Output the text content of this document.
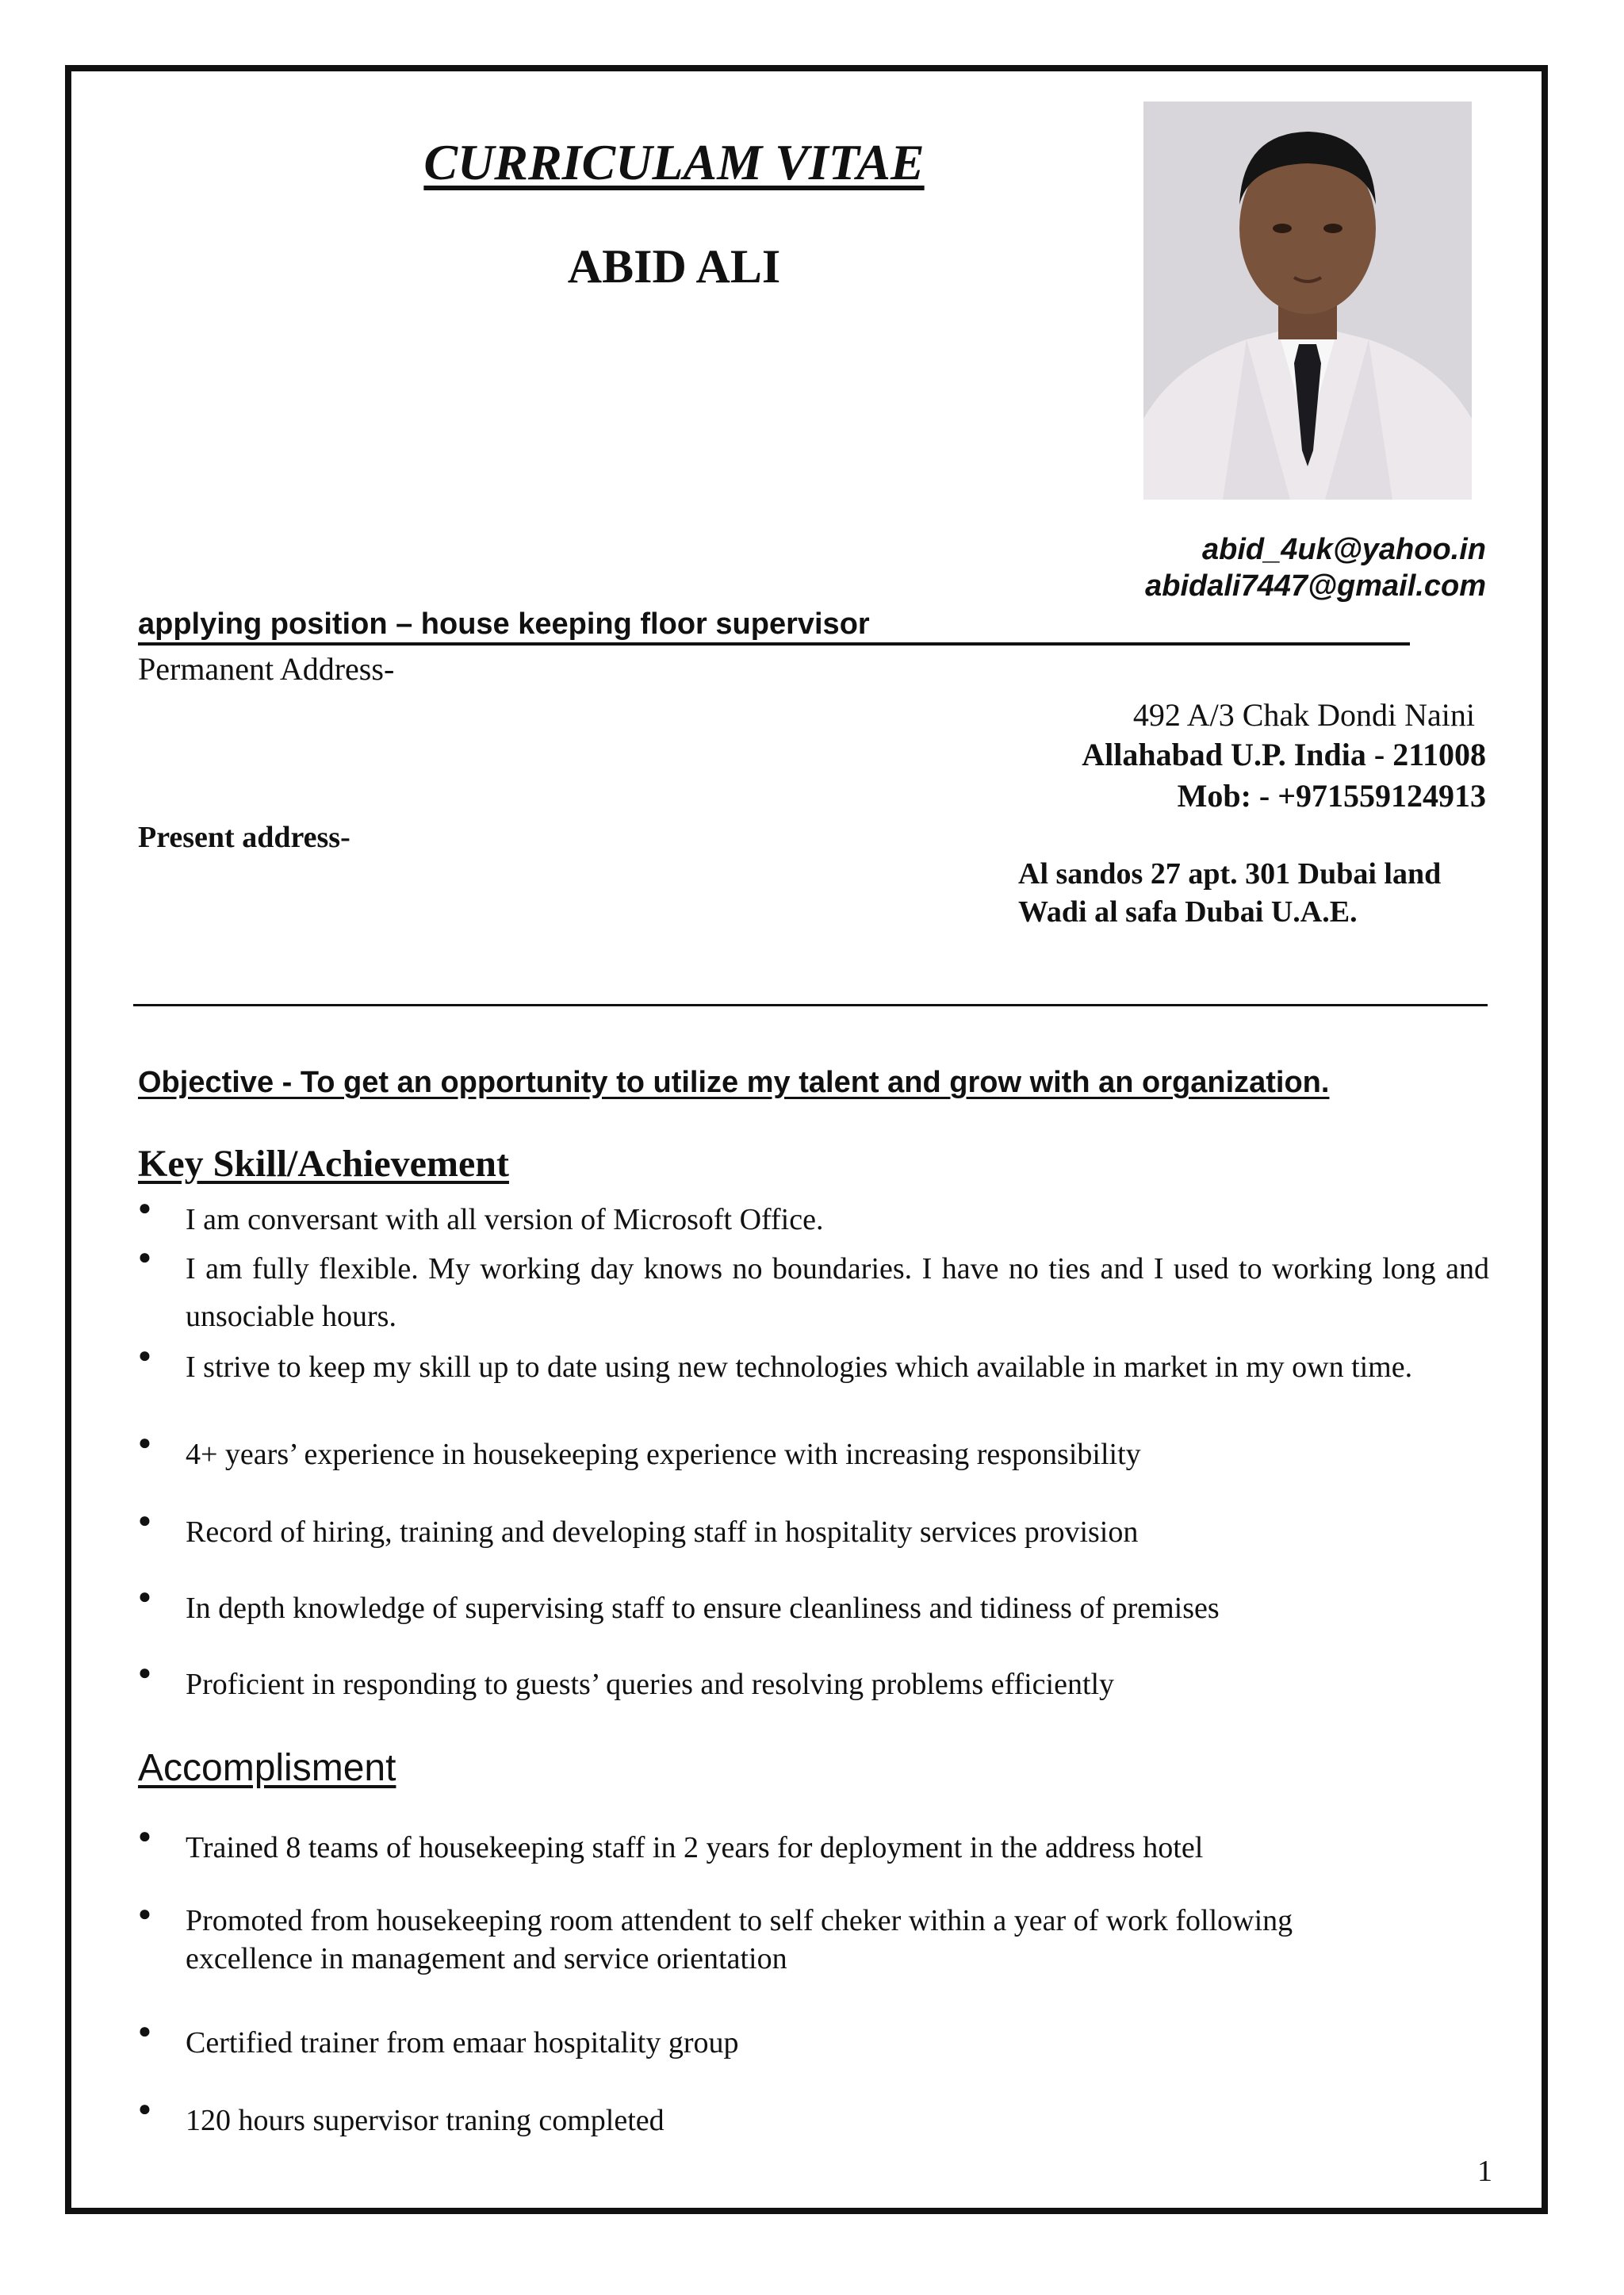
CURRICULAM VITAE
ABID ALI
abid_4uk@yahoo.in
abidali7447@gmail.com
applying position – house keeping floor supervisor
Permanent Address-
492 A/3 Chak Dondi Naini
Allahabad U.P. India - 211008
Mob: - +971559124913
Present address-
Al sandos 27 apt. 301 Dubai land
Wadi al safa Dubai U.A.E.
Objective - To get an opportunity to utilize my talent and grow with an organization.
Key Skill/Achievement
● I am conversant with all version of Microsoft Office.
● I am fully flexible. My working day knows no boundaries. I have no ties and I used to working long and unsociable hours.
● I strive to keep my skill up to date using new technologies which available in market in my own time.
● 4+ years’ experience in housekeeping experience with increasing responsibility
● Record of hiring, training and developing staff in hospitality services provision
● In depth knowledge of supervising staff to ensure cleanliness and tidiness of premises
● Proficient in responding to guests’ queries and resolving problems efficiently
Accomplisment
● Trained 8 teams of housekeeping staff in 2 years for deployment in the address hotel
● Promoted from housekeeping room attendent to self cheker within a year of work following excellence in management and service orientation
● Certified trainer from emaar hospitality group
● 120 hours supervisor traning completed
1
